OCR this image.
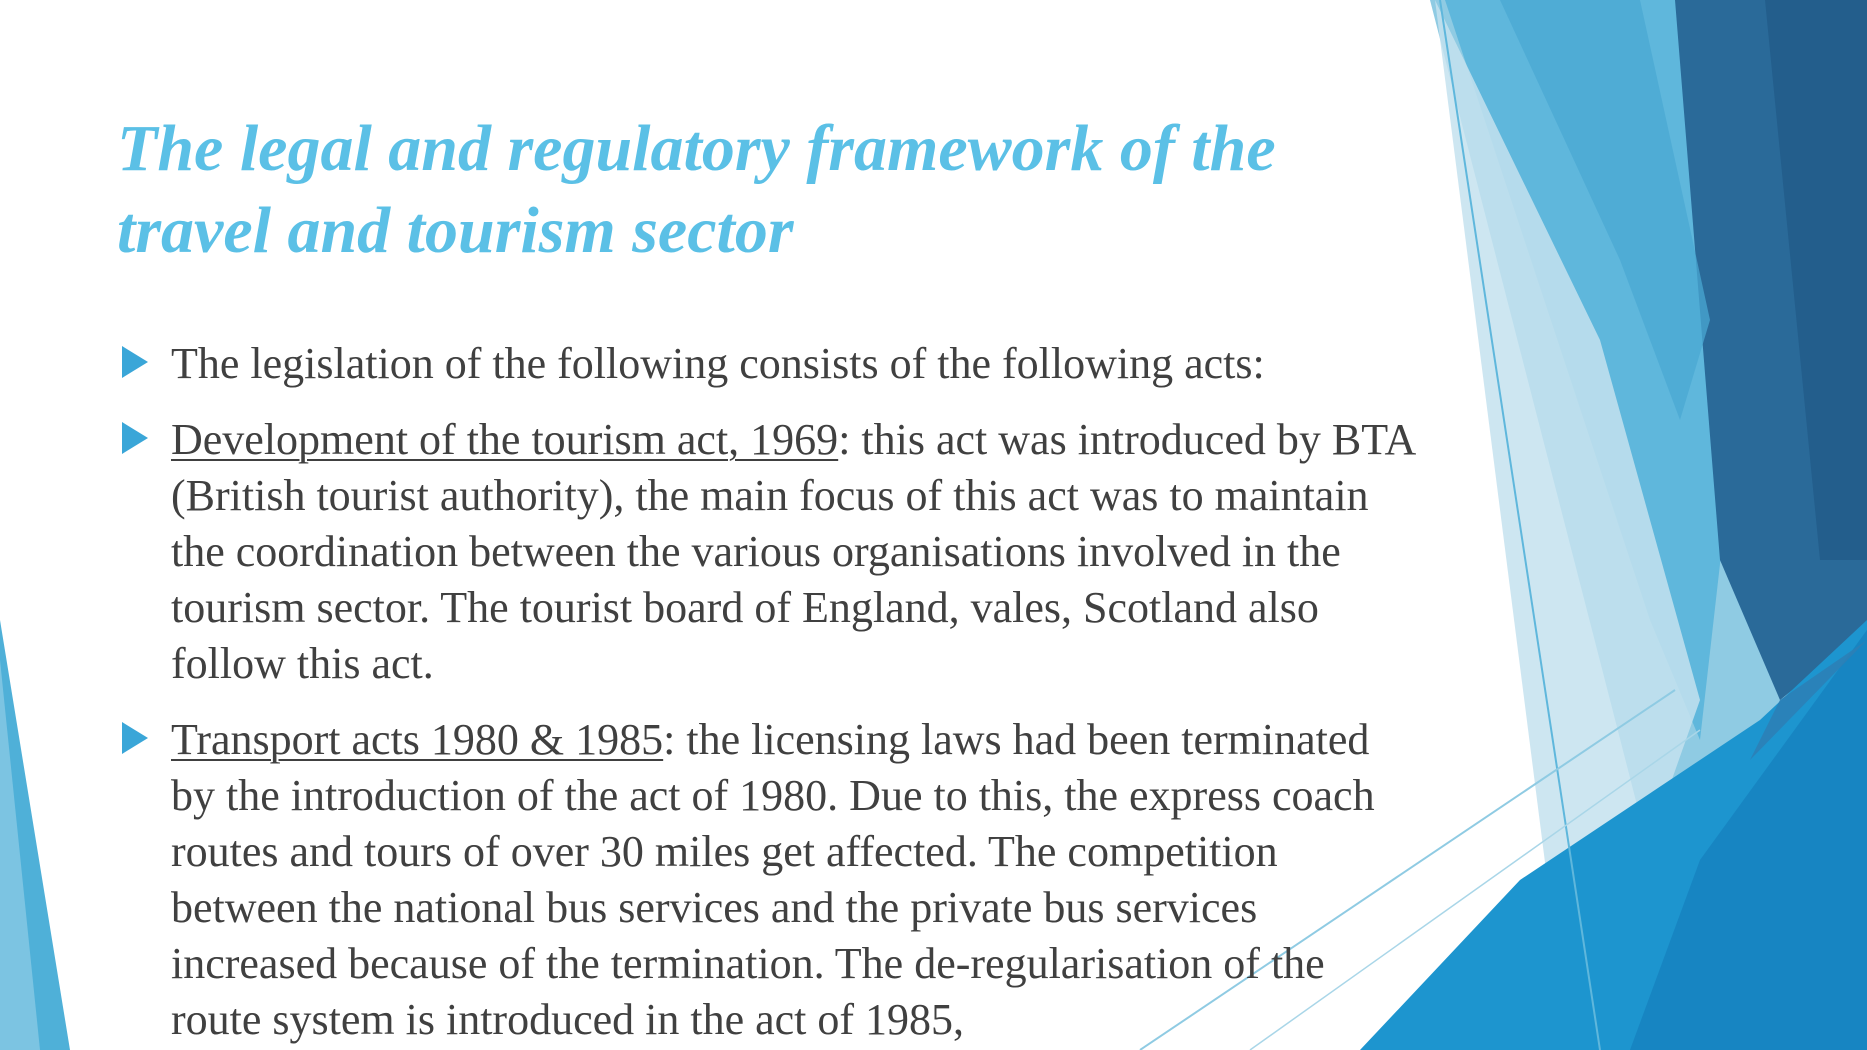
The legal and regulatory framework of the travel and tourism sector
The legislation of the following consists of the following acts:
Development of the tourism act, 1969: this act was introduced by BTA (British tourist authority), the main focus of this act was to maintain the coordination between the various organisations involved in the tourism sector. The tourist board of England, vales, Scotland also follow this act.
Transport acts 1980 & 1985: the licensing laws had been terminated by the introduction of the act of 1980. Due to this, the express coach routes and tours of over 30 miles get affected. The competition between the national bus services and the private bus services increased because of the termination. The de-regularisation of the route system is introduced in the act of 1985,
